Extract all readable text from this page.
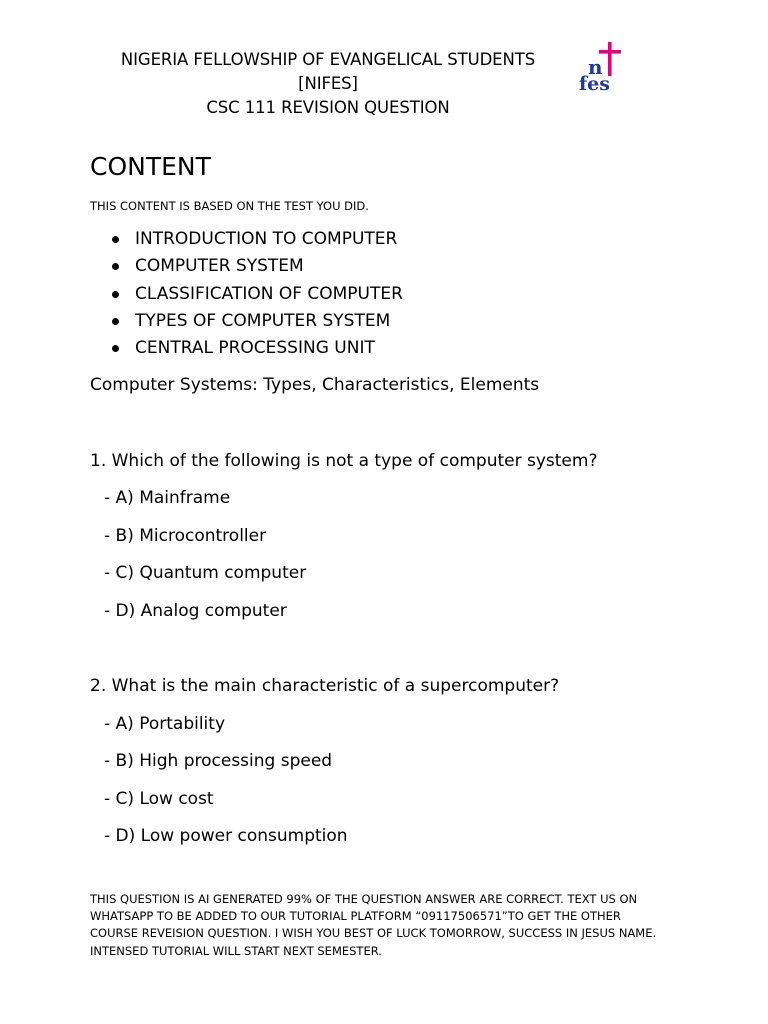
NIGERIA FELLOWSHIP OF EVANGELICAL STUDENTS [NIFES]
CSC 111 REVISION QUESTION
n
fes
CONTENT
THIS CONTENT IS BASED ON THE TEST YOU DID.
INTRODUCTION TO COMPUTER
COMPUTER SYSTEM
CLASSIFICATION OF COMPUTER
TYPES OF COMPUTER SYSTEM
CENTRAL PROCESSING UNIT
Computer Systems: Types, Characteristics, Elements
1. Which of the following is not a type of computer system?
- A) Mainframe
- B) Microcontroller
- C) Quantum computer
- D) Analog computer
2. What is the main characteristic of a supercomputer?
- A) Portability
- B) High processing speed
- C) Low cost
- D) Low power consumption
THIS QUESTION IS AI GENERATED 99% OF THE QUESTION ANSWER ARE CORRECT. TEXT US ON WHATSAPP TO BE ADDED TO OUR TUTORIAL PLATFORM “09117506571”TO GET THE OTHER COURSE REVEISION QUESTION. I WISH YOU BEST OF LUCK TOMORROW, SUCCESS IN JESUS NAME. INTENSED TUTORIAL WILL START NEXT SEMESTER.
